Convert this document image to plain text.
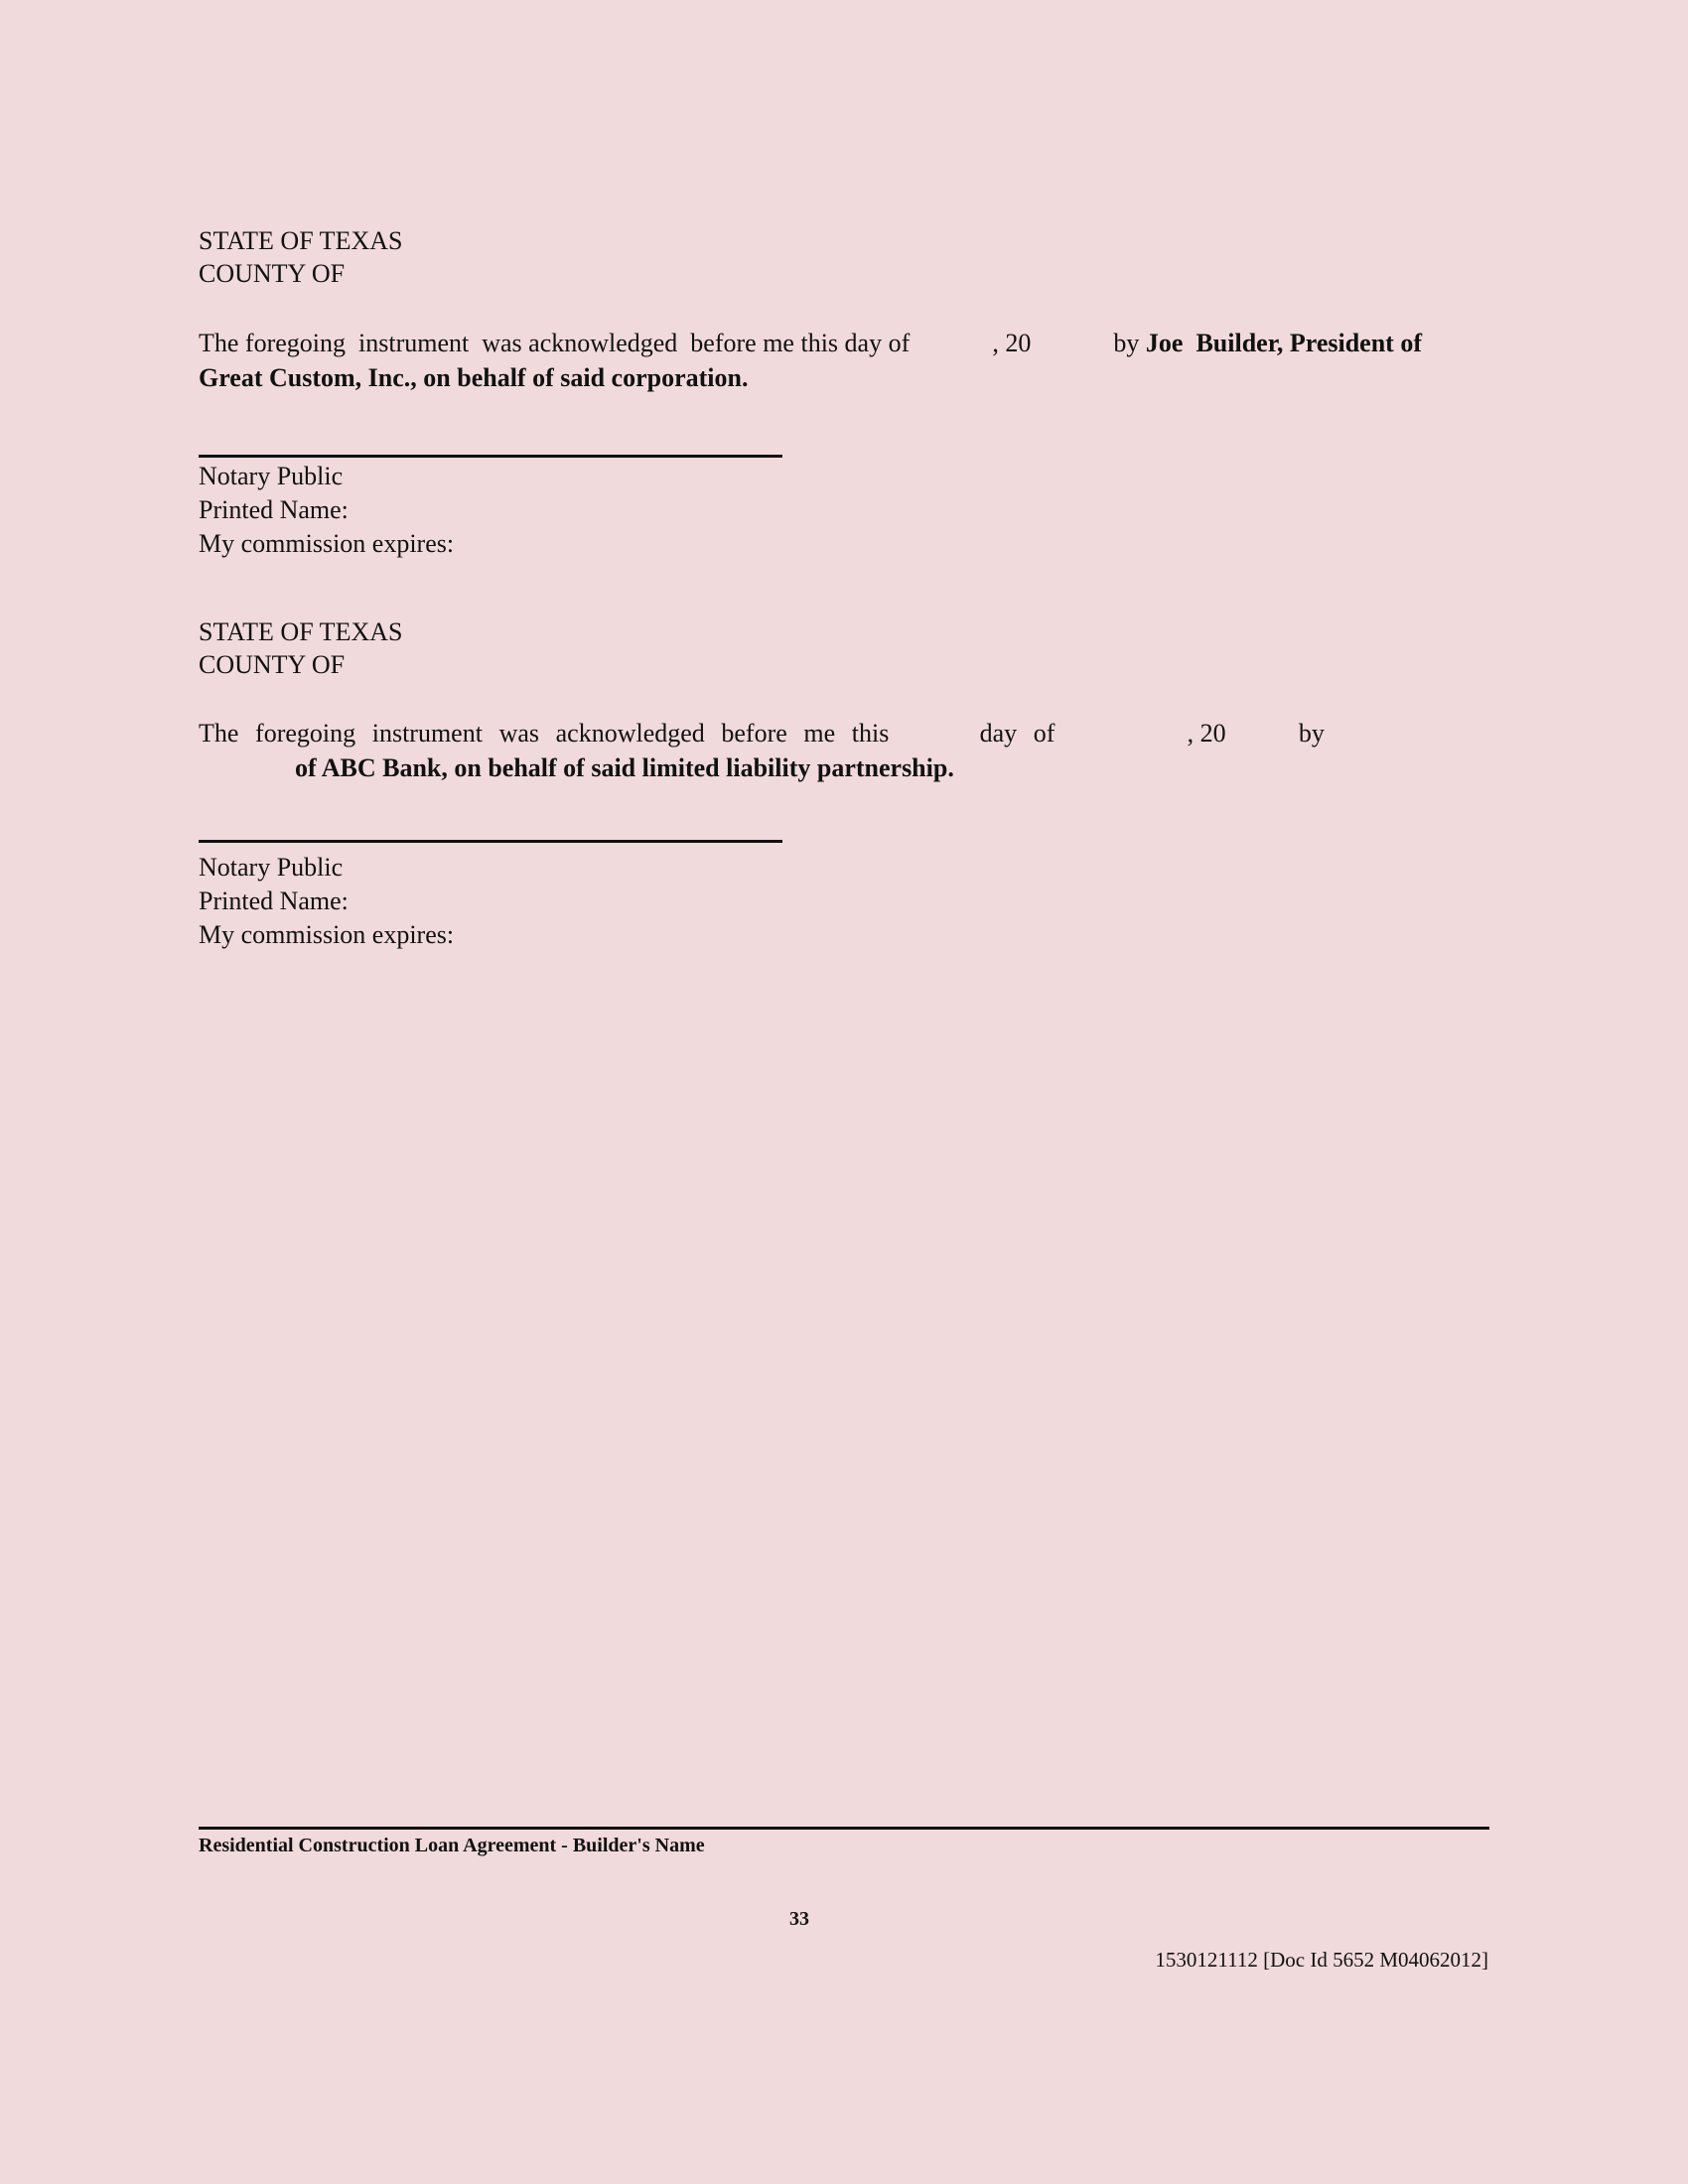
STATE OF TEXAS
COUNTY OF
The foregoing  instrument  was acknowledged  before me this day of	, 20	by Joe  Builder, President of
Great Custom, Inc., on behalf of said corporation.
Notary Public
Printed Name:
My commission expires:
STATE OF TEXAS
COUNTY OF
The foregoing instrument was acknowledged before me this	day of	, 20	by
of ABC Bank, on behalf of said limited liability partnership.
Notary Public
Printed Name:
My commission expires:
Residential Construction Loan Agreement - Builder's Name
33
1530121112 [Doc Id 5652 M04062012]
